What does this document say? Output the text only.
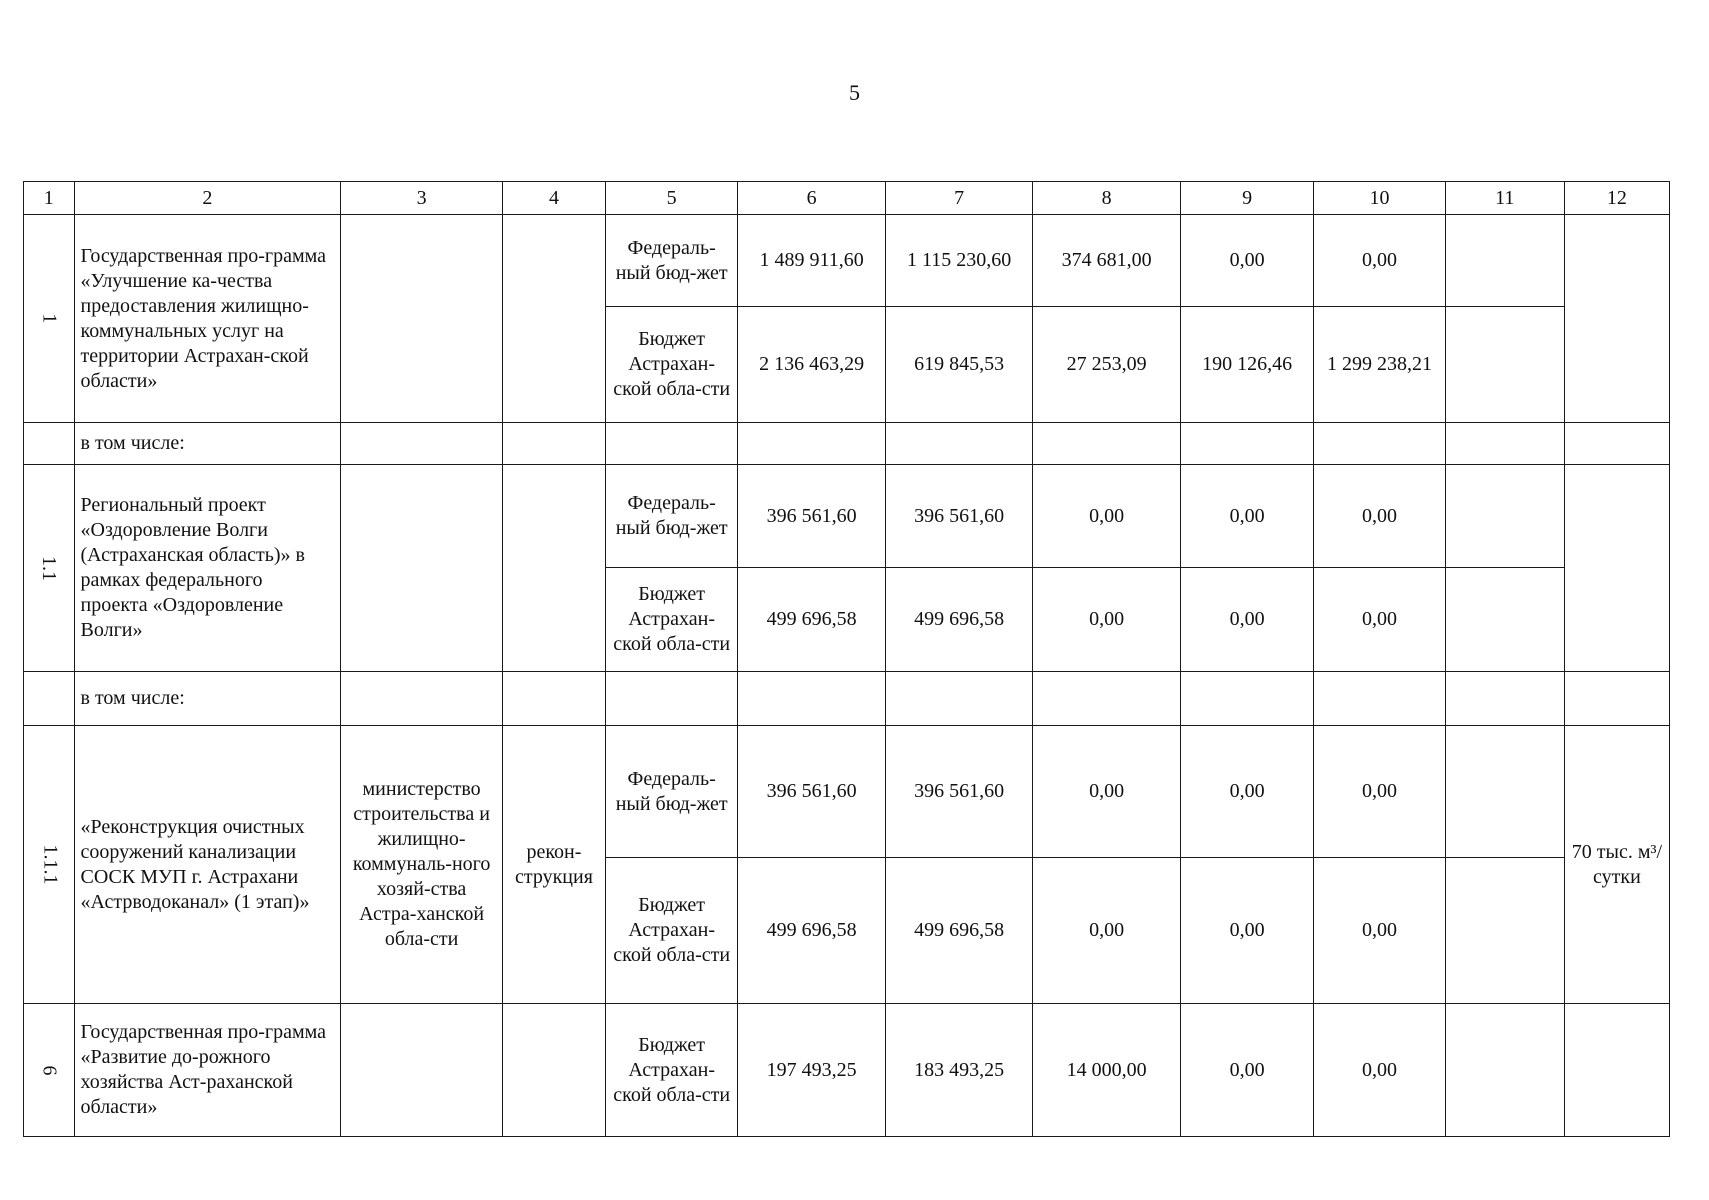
5
1	2	3	4	5	6	7	8	9	10	11	12
1	Государственная про-грамма «Улучшение ка-чества предоставления жилищно-коммунальных услуг на территории Астрахан-ской области»			Федераль-ный бюд-жет	1 489 911,60	1 115 230,60	374 681,00	0,00	0,00		
				Бюджет Астрахан-ской обла-сти	2 136 463,29	619 845,53	27 253,09	190 126,46	1 299 238,21		
	в том числе:										
1.1	Региональный проект «Оздоровление Волги (Астраханская область)» в рамках федерального проекта «Оздоровление Волги»			Федераль-ный бюд-жет	396 561,60	396 561,60	0,00	0,00	0,00		
				Бюджет Астрахан-ской обла-сти	499 696,58	499 696,58	0,00	0,00	0,00		
	в том числе:										
1.1.1	«Реконструкция очистных сооружений канализации СОСК МУП г. Астрахани «Астрводоканал» (1 этап)»	министерство строительства и жилищно-коммуналь-ного хозяй-ства Астра-ханской обла-сти	рекон-струкция	Федераль-ный бюд-жет	396 561,60	396 561,60	0,00	0,00	0,00		70 тыс. м³/сутки
				Бюджет Астрахан-ской обла-сти	499 696,58	499 696,58	0,00	0,00	0,00		
6	Государственная про-грамма «Развитие до-рожного хозяйства Аст-раханской области»			Бюджет Астрахан-ской обла-сти	197 493,25	183 493,25	14 000,00	0,00	0,00		
